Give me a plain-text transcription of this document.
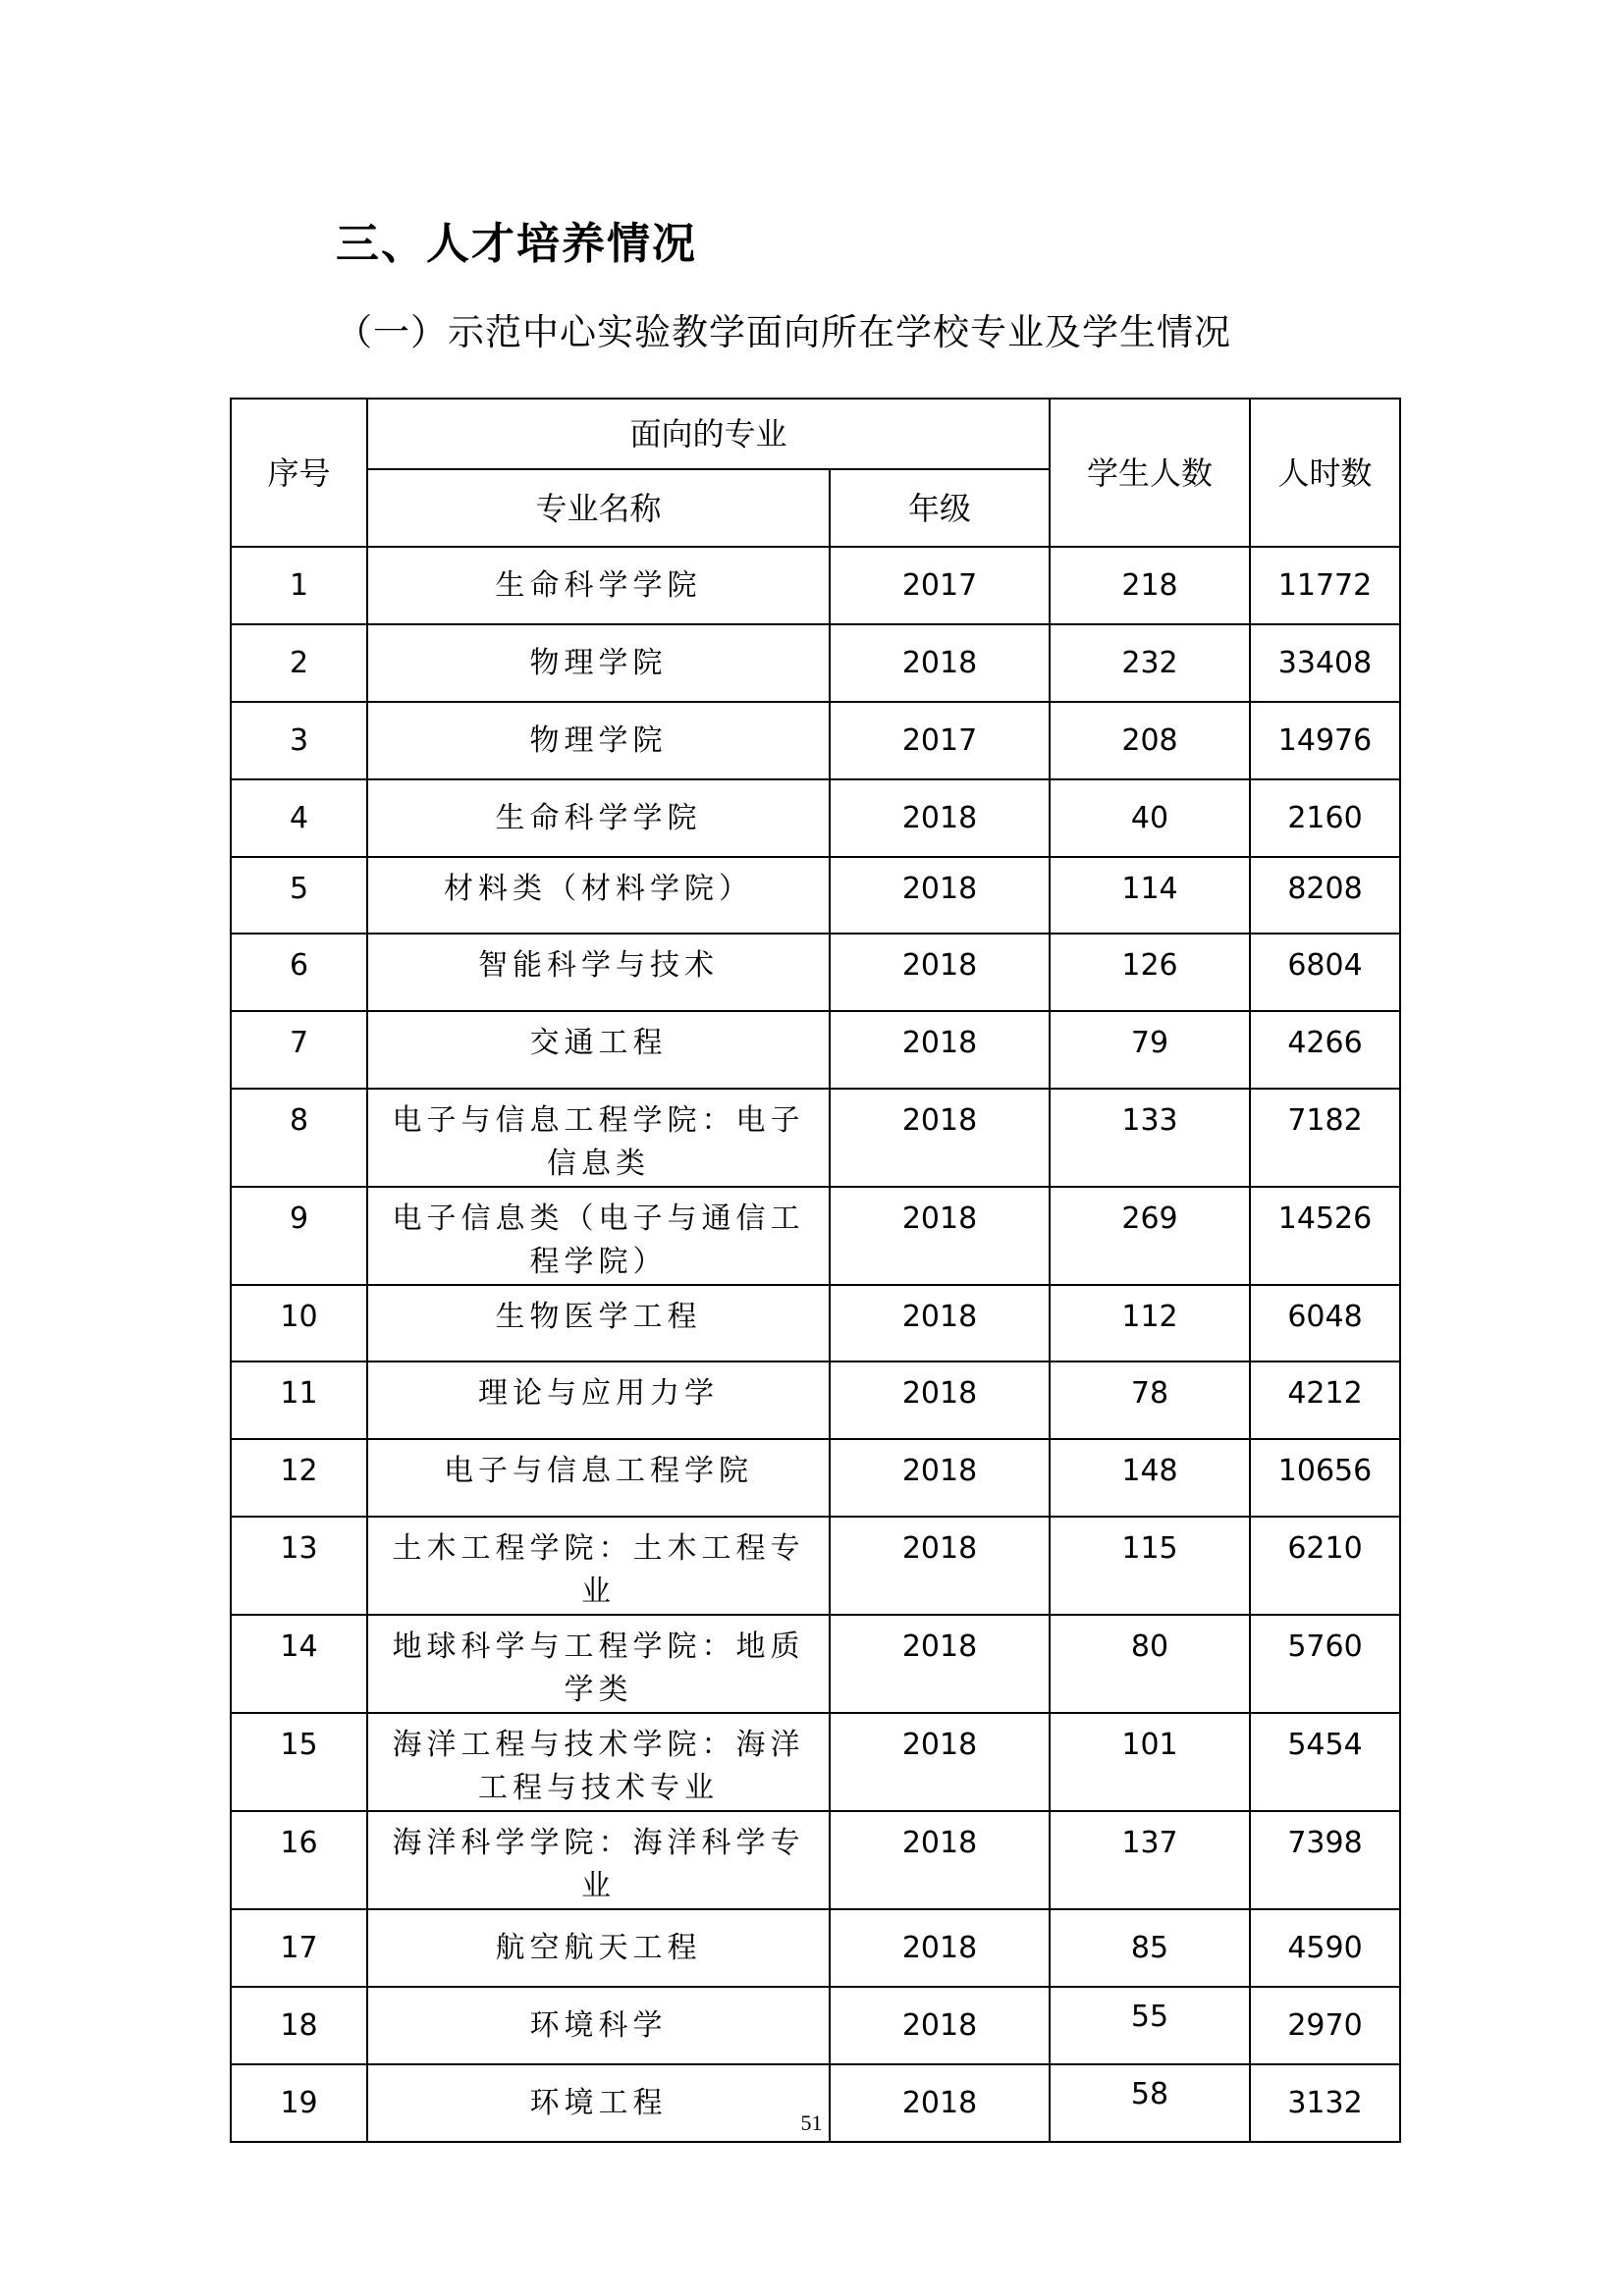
三、人才培养情况
（一）示范中心实验教学面向所在学校专业及学生情况
序号	面向的专业		学生人数	人时数
	专业名称	年级		
1	生命科学学院	2017	218	11772
2	物理学院	2018	232	33408
3	物理学院	2017	208	14976
4	生命科学学院	2018	40	2160
5	材料类（材料学院）	2018	114	8208
6	智能科学与技术	2018	126	6804
7	交通工程	2018	79	4266
8	电子与信息工程学院：电子信息类	2018	133	7182
9	电子信息类（电子与通信工程学院）	2018	269	14526
10	生物医学工程	2018	112	6048
11	理论与应用力学	2018	78	4212
12	电子与信息工程学院	2018	148	10656
13	土木工程学院：土木工程专业	2018	115	6210
14	地球科学与工程学院：地质学类	2018	80	5760
15	海洋工程与技术学院：海洋工程与技术专业	2018	101	5454
16	海洋科学学院：海洋科学专业	2018	137	7398
17	航空航天工程	2018	85	4590
18	环境科学	2018	55	2970
19	环境工程	2018	58	3132
51
